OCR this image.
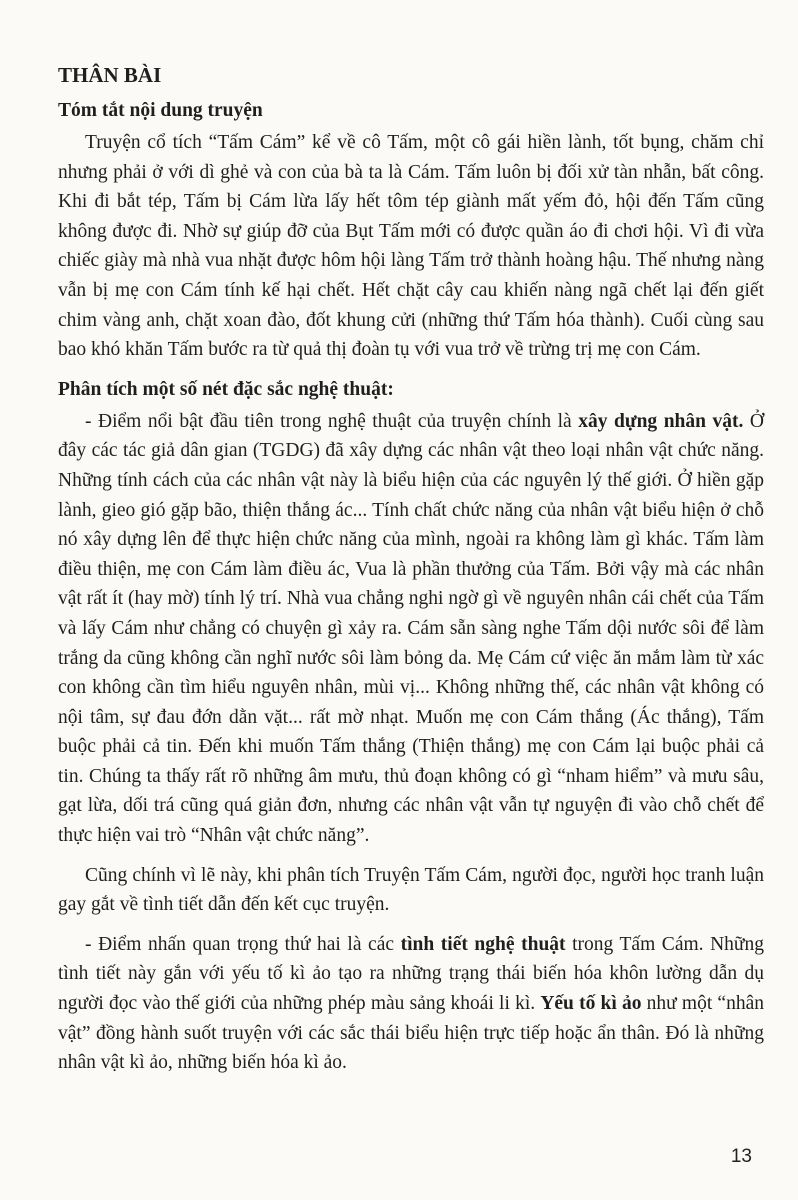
THÂN BÀI
Tóm tắt nội dung truyện

Truyện cổ tích “Tấm Cám” kể về cô Tấm, một cô gái hiền lành, tốt bụng, chăm chỉ nhưng phải ở với dì ghẻ và con của bà ta là Cám. Tấm luôn bị đối xử tàn nhẫn, bất công. Khi đi bắt tép, Tấm bị Cám lừa lấy hết tôm tép giành mất yếm đỏ, hội đến Tấm cũng không được đi. Nhờ sự giúp đỡ của Bụt Tấm mới có được quần áo đi chơi hội. Vì đi vừa chiếc giày mà nhà vua nhặt được hôm hội làng Tấm trở thành hoàng hậu. Thế nhưng nàng vẫn bị mẹ con Cám tính kế hại chết. Hết chặt cây cau khiến nàng ngã chết lại đến giết chim vàng anh, chặt xoan đào, đốt khung cửi (những thứ Tấm hóa thành). Cuối cùng sau bao khó khăn Tấm bước ra từ quả thị đoàn tụ với vua trở về trừng trị mẹ con Cám.

Phân tích một số nét đặc sắc nghệ thuật:

- Điểm nổi bật đầu tiên trong nghệ thuật của truyện chính là xây dựng nhân vật. Ở đây các tác giả dân gian (TGDG) đã xây dựng các nhân vật theo loại nhân vật chức năng. Những tính cách của các nhân vật này là biểu hiện của các nguyên lý thế giới. Ở hiền gặp lành, gieo gió gặp bão, thiện thắng ác... Tính chất chức năng của nhân vật biểu hiện ở chỗ nó xây dựng lên để thực hiện chức năng của mình, ngoài ra không làm gì khác. Tấm làm điều thiện, mẹ con Cám làm điều ác, Vua là phần thưởng của Tấm. Bởi vậy mà các nhân vật rất ít (hay mờ) tính lý trí. Nhà vua chẳng nghi ngờ gì về nguyên nhân cái chết của Tấm và lấy Cám như chẳng có chuyện gì xảy ra. Cám sẵn sàng nghe Tấm dội nước sôi để làm trắng da cũng không cần nghĩ nước sôi làm bỏng da. Mẹ Cám cứ việc ăn mắm làm từ xác con không cần tìm hiểu nguyên nhân, mùi vị... Không những thế, các nhân vật không có nội tâm, sự đau đớn dằn vặt... rất mờ nhạt. Muốn mẹ con Cám thắng (Ác thắng), Tấm buộc phải cả tin. Đến khi muốn Tấm thắng (Thiện thắng) mẹ con Cám lại buộc phải cả tin. Chúng ta thấy rất rõ những âm mưu, thủ đoạn không có gì “nham hiểm” và mưu sâu, gạt lừa, dối trá cũng quá giản đơn, nhưng các nhân vật vẫn tự nguyện đi vào chỗ chết để thực hiện vai trò “Nhân vật chức năng”.

Cũng chính vì lẽ này, khi phân tích Truyện Tấm Cám, người đọc, người học tranh luận gay gắt về tình tiết dẫn đến kết cục truyện.

- Điểm nhấn quan trọng thứ hai là các tình tiết nghệ thuật trong Tấm Cám. Những tình tiết này gắn với yếu tố kì ảo tạo ra những trạng thái biến hóa khôn lường dẫn dụ người đọc vào thế giới của những phép màu sảng khoái li kì. Yếu tố kì ảo như một “nhân vật” đồng hành suốt truyện với các sắc thái biểu hiện trực tiếp hoặc ẩn thân. Đó là những nhân vật kì ảo, những biến hóa kì ảo.

13
